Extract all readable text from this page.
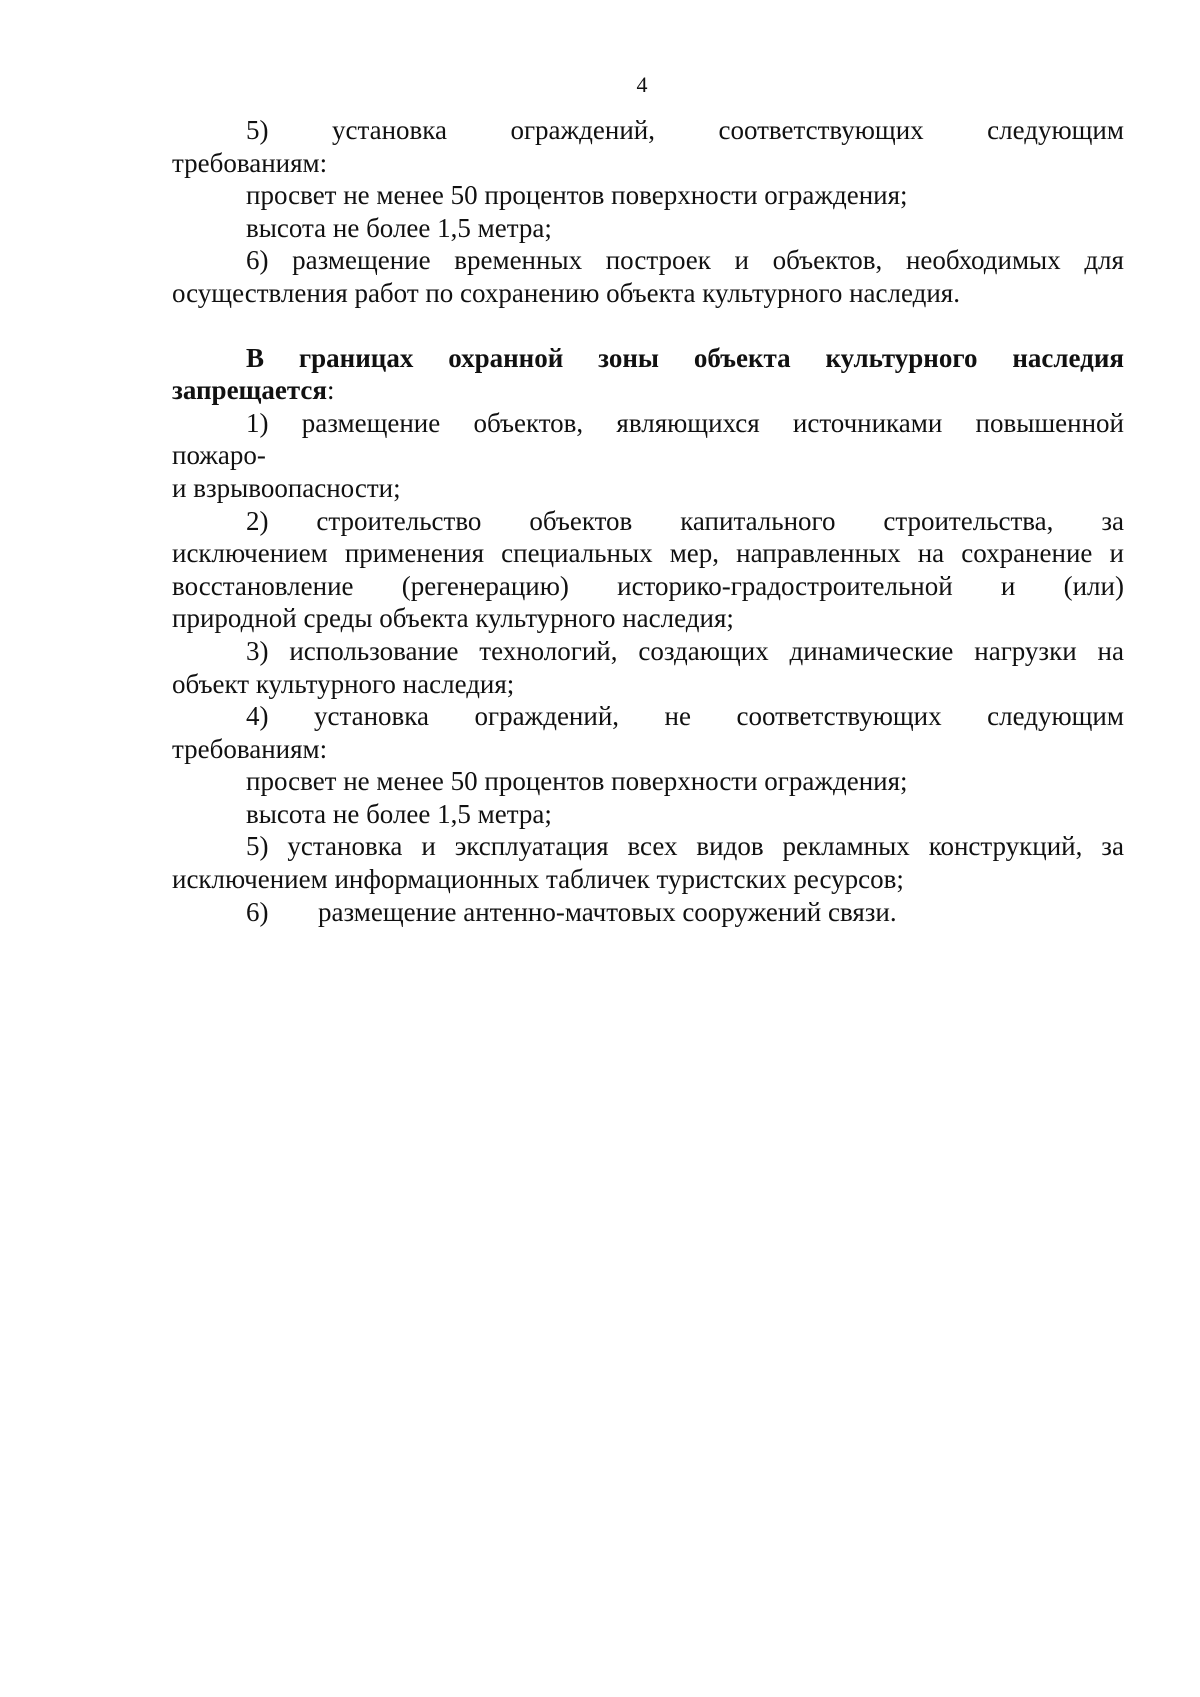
4
5) установка ограждений, соответствующих следующим
требованиям:
просвет не менее 50 процентов поверхности ограждения;
высота не более 1,5 метра;
6) размещение временных построек и объектов, необходимых для
осуществления работ по сохранению объекта культурного наследия.
В границах охранной зоны объекта культурного наследия
запрещается :
1) размещение объектов, являющихся источниками повышенной
пожаро-
и взрывоопасности;
2) строительство объектов капитального строительства, за
исключением применения специальных мер, направленных на сохранение и
восстановление (регенерацию) историко-градостроительной и (или)
природной среды объекта культурного наследия;
3) использование технологий, создающих динамические нагрузки на
объект культурного наследия;
4) установка ограждений, не соответствующих следующим
требованиям:
просвет не менее 50 процентов поверхности ограждения;
высота не более 1,5 метра;
5) установка и эксплуатация всех видов рекламных конструкций, за
исключением информационных табличек туристских ресурсов;
6)	размещение антенно-мачтовых сооружений связи.
